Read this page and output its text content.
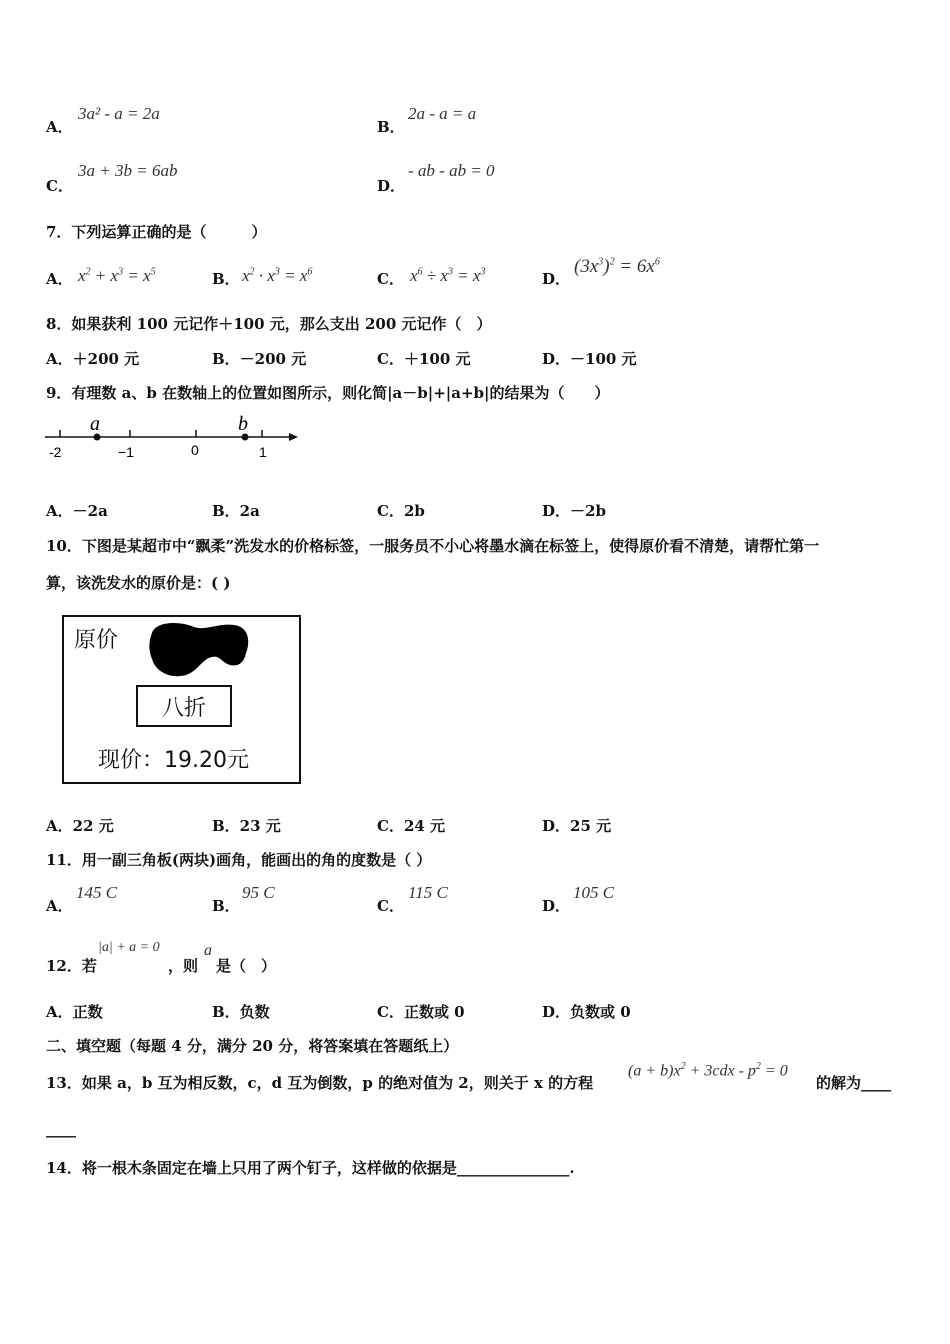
A．
3a² - a = 2a
B．
2a - a = a
C．
3a + 3b = 6ab
D．
- ab - ab = 0
7．下列运算正确的是（　　　）
A． $x^2 + x^3 = x^5$	B． $x^2 \cdot x^3 = x^6$	C． $x^6 \div x^3 = x^3$	D．
$(3x^3)^2 = 6x^6$
8．如果获利 100 元记作＋100 元，那么支出 200 元记作（　）
A．＋200 元	B．－200 元	C．＋100 元	D．－100 元
9．有理数 a、b 在数轴上的位置如图所示，则化简|a－b|+|a+b|的结果为（　　）
a	b
-2	−1	0	1
A．－2a	B．2a	C．2b	D．－2b
10．下图是某超市中“飘柔”洗发水的价格标签，一服务员不小心将墨水滴在标签上，使得原价看不清楚，请帮忙第一
算，该洗发水的原价是：( )
原价
八折
现价：19.20元
A．22 元	B．23 元	C．24 元	D．25 元
11．用一副三角板(两块)画角，能画出的角的度数是（ ）
A．
145 C
B．
95 C
C．
115 C
D．
105 C
12．若
|a| + a = 0
，则
a
是（　）
A．正数	B．负数	C．正数或 0	D．负数或 0
二、填空题（每题 4 分，满分 20 分，将答案填在答题纸上）
13．如果 a，b 互为相反数，c，d 互为倒数，p 的绝对值为 2，则关于 x 的方程
$(a + b)x^2 + 3cdx - p^2 = 0$
的解为____
____
14．将一根木条固定在墙上只用了两个钉子，这样做的依据是_______________.
